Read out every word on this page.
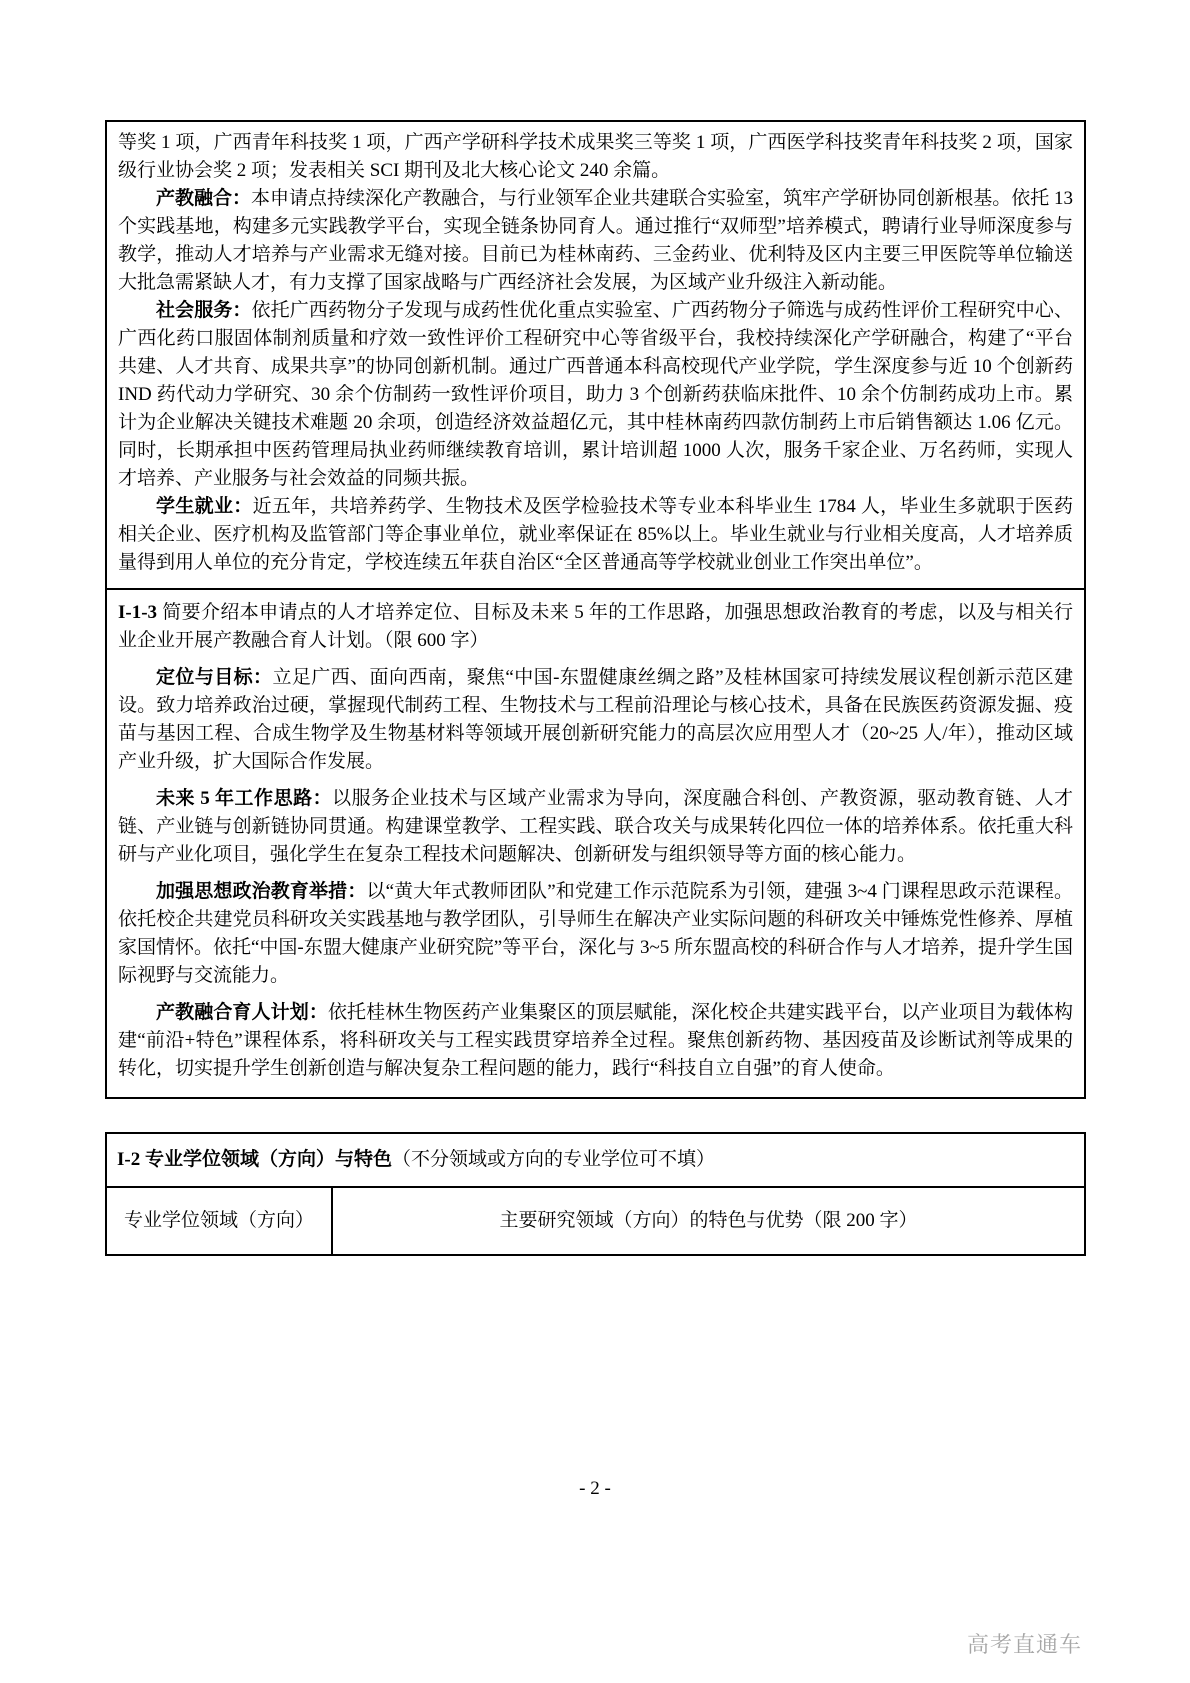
等奖 1 项，广西青年科技奖 1 项，广西产学研科学技术成果奖三等奖 1 项，广西医学科技奖青年科技奖 2 项，国家级行业协会奖 2 项；发表相关 SCI 期刊及北大核心论文 240 余篇。

产教融合：本申请点持续深化产教融合，与行业领军企业共建联合实验室，筑牢产学研协同创新根基。依托 13 个实践基地，构建多元实践教学平台，实现全链条协同育人。通过推行“双师型”培养模式，聘请行业导师深度参与教学，推动人才培养与产业需求无缝对接。目前已为桂林南药、三金药业、优利特及区内主要三甲医院等单位输送大批急需紧缺人才，有力支撑了国家战略与广西经济社会发展，为区域产业升级注入新动能。

社会服务：依托广西药物分子发现与成药性优化重点实验室、广西药物分子筛选与成药性评价工程研究中心、广西化药口服固体制剂质量和疗效一致性评价工程研究中心等省级平台，我校持续深化产学研融合，构建了“平台共建、人才共育、成果共享”的协同创新机制。通过广西普通本科高校现代产业学院，学生深度参与近 10 个创新药 IND 药代动力学研究、30 余个仿制药一致性评价项目，助力 3 个创新药获临床批件、10 余个仿制药成功上市。累计为企业解决关键技术难题 20 余项，创造经济效益超亿元，其中桂林南药四款仿制药上市后销售额达 1.06 亿元。同时，长期承担中医药管理局执业药师继续教育培训，累计培训超 1000 人次，服务千家企业、万名药师，实现人才培养、产业服务与社会效益的同频共振。

学生就业：近五年，共培养药学、生物技术及医学检验技术等专业本科毕业生 1784 人，毕业生多就职于医药相关企业、医疗机构及监管部门等企事业单位，就业率保证在 85%以上。毕业生就业与行业相关度高，人才培养质量得到用人单位的充分肯定，学校连续五年获自治区“全区普通高等学校就业创业工作突出单位”。

I-1-3 简要介绍本申请点的人才培养定位、目标及未来 5 年的工作思路，加强思想政治教育的考虑，以及与相关行业企业开展产教融合育人计划。（限 600 字）

定位与目标：立足广西、面向西南，聚焦“中国-东盟健康丝绸之路”及桂林国家可持续发展议程创新示范区建设。致力培养政治过硬，掌握现代制药工程、生物技术与工程前沿理论与核心技术，具备在民族医药资源发掘、疫苗与基因工程、合成生物学及生物基材料等领域开展创新研究能力的高层次应用型人才（20~25 人/年），推动区域产业升级，扩大国际合作发展。

未来 5 年工作思路：以服务企业技术与区域产业需求为导向，深度融合科创、产教资源，驱动教育链、人才链、产业链与创新链协同贯通。构建课堂教学、工程实践、联合攻关与成果转化四位一体的培养体系。依托重大科研与产业化项目，强化学生在复杂工程技术问题解决、创新研发与组织领导等方面的核心能力。

加强思想政治教育举措：以“黄大年式教师团队”和党建工作示范院系为引领，建强 3~4 门课程思政示范课程。依托校企共建党员科研攻关实践基地与教学团队，引导师生在解决产业实际问题的科研攻关中锤炼党性修养、厚植家国情怀。依托“中国-东盟大健康产业研究院”等平台，深化与 3~5 所东盟高校的科研合作与人才培养，提升学生国际视野与交流能力。

产教融合育人计划：依托桂林生物医药产业集聚区的顶层赋能，深化校企共建实践平台，以产业项目为载体构建“前沿+特色”课程体系，将科研攻关与工程实践贯穿培养全过程。聚焦创新药物、基因疫苗及诊断试剂等成果的转化，切实提升学生创新创造与解决复杂工程问题的能力，践行“科技自立自强”的育人使命。

I-2 专业学位领域（方向）与特色（不分领域或方向的专业学位可不填）
专业学位领域（方向）	主要研究领域（方向）的特色与优势（限 200 字）
- 2 -
高考直通车
